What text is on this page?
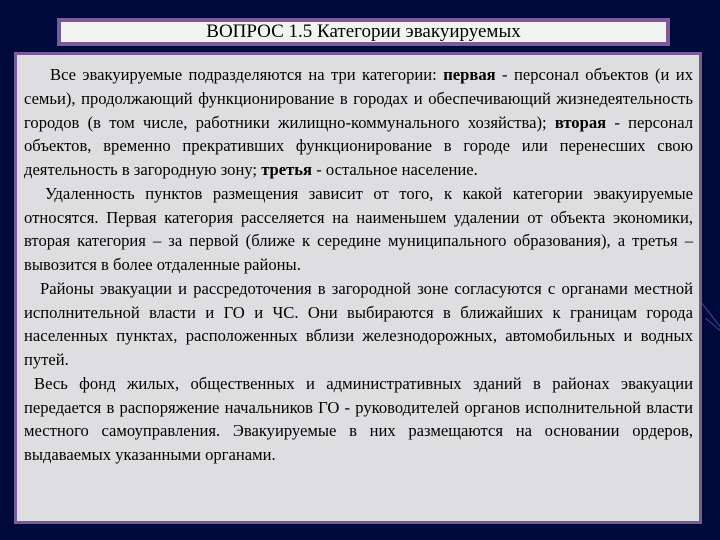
ВОПРОС 1.5 Категории эвакуируемых

Все эвакуируемые подразделяются на три категории: первая - персонал объектов (и их семьи), продолжающий функционирование в городах и обеспечивающий жизнедеятельность городов (в том числе, работники жилищно-коммунального хозяйства); вторая - персонал объектов, временно прекративших функционирование в городе или перенесших свою деятельность в загородную зону; третья - остальное население.

Удаленность пунктов размещения зависит от того, к какой категории эвакуируемые относятся. Первая категория расселяется на наименьшем удалении от объекта экономики, вторая категория – за первой (ближе к середине муниципального образования), а третья – вывозится в более отдаленные районы.

Районы эвакуации и рассредоточения в загородной зоне согласуются с органами местной исполнительной власти и ГО и ЧС. Они выбираются в ближайших к границам города населенных пунктах, расположенных вблизи железнодорожных, автомобильных и водных путей.

Весь фонд жилых, общественных и административных зданий в районах эвакуации передается в распоряжение начальников ГО - руководителей органов исполнительной власти местного самоуправления. Эвакуируемые в них размещаются на основании ордеров, выдаваемых указанными органами.
